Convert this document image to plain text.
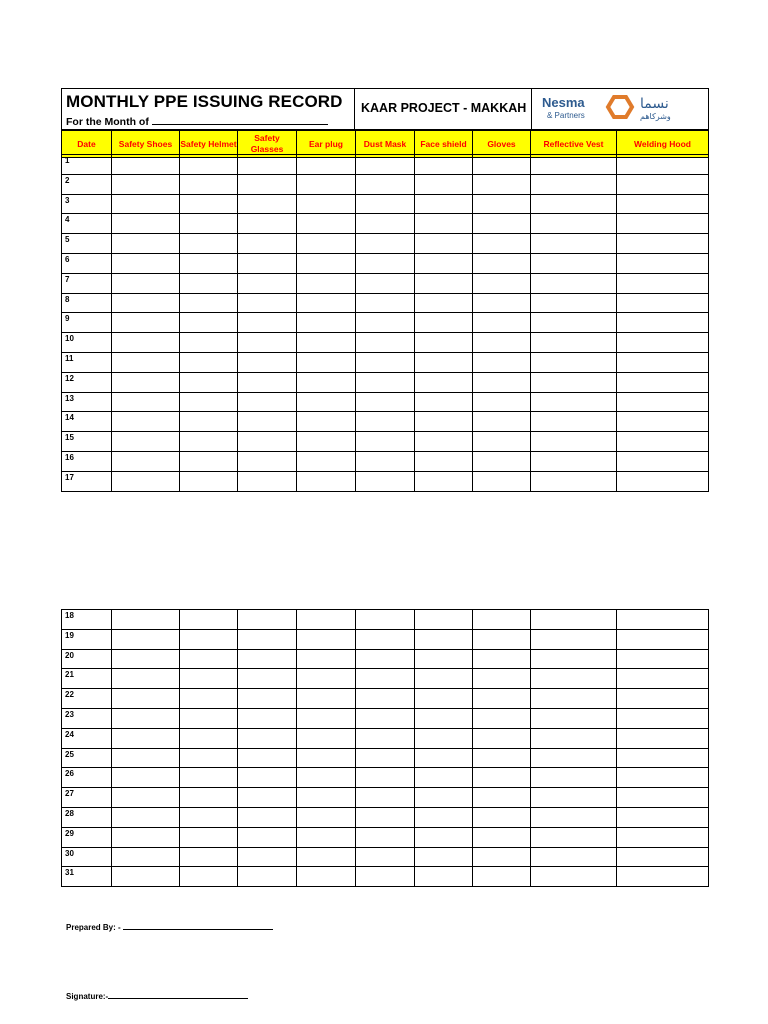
MONTHLY PPE ISSUING RECORD
For the Month of

KAAR PROJECT - MAKKAH	Nesma
& Partners
نسما
وشركاهم
Date	Safety Shoes	Safety Helmet	Safety Glasses	Ear plug	Dust Mask	Face shield	Gloves	Reflective Vest	Welding Hood
1									
2									
3									
4									
5									
6									
7									
8									
9									
10									
11									
12									
13									
14									
15									
16									
17									
18									
19									
20									
21									
22									
23									
24									
25									
26									
27									
28									
29									
30									
31									
Prepared By: -
Signature:-
